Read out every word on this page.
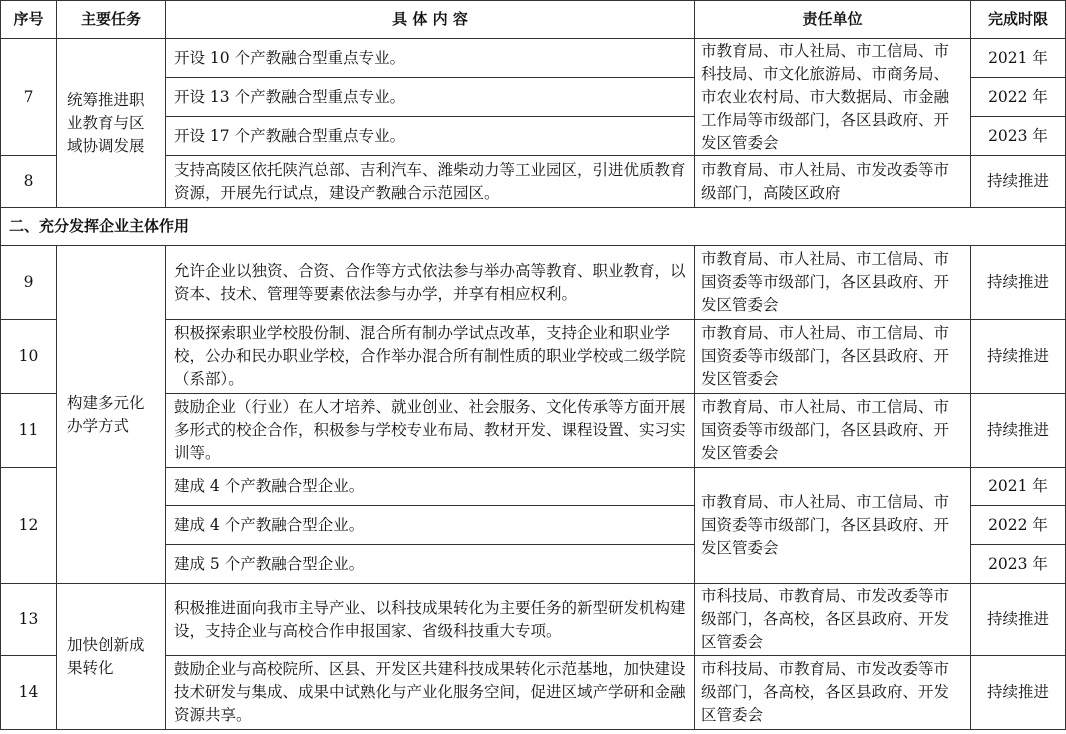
序号	主要任务	具 体 内 容	责任单位	完成时限
7	统筹推进职业教育与区域协调发展	开设 10 个产教融合型重点专业。	市教育局、市人社局、市工信局、市科技局、市文化旅游局、市商务局、市农业农村局、市大数据局、市金融工作局等市级部门，各区县政府、开发区管委会	2021 年
		开设 13 个产教融合型重点专业。		2022 年
		开设 17 个产教融合型重点专业。		2023 年
8		支持高陵区依托陕汽总部、吉利汽车、潍柴动力等工业园区，引进优质教育资源，开展先行试点，建设产教融合示范园区。	市教育局、市人社局、市发改委等市级部门，高陵区政府	持续推进
二、充分发挥企业主体作用				
9	构建多元化办学方式	允许企业以独资、合资、合作等方式依法参与举办高等教育、职业教育，以资本、技术、管理等要素依法参与办学，并享有相应权利。	市教育局、市人社局、市工信局、市国资委等市级部门，各区县政府、开发区管委会	持续推进
10		积极探索职业学校股份制、混合所有制办学试点改革，支持企业和职业学校，公办和民办职业学校，合作举办混合所有制性质的职业学校或二级学院（系部）。	市教育局、市人社局、市工信局、市国资委等市级部门，各区县政府、开发区管委会	持续推进
11		鼓励企业（行业）在人才培养、就业创业、社会服务、文化传承等方面开展多形式的校企合作，积极参与学校专业布局、教材开发、课程设置、实习实训等。	市教育局、市人社局、市工信局、市国资委等市级部门，各区县政府、开发区管委会	持续推进
12		建成 4 个产教融合型企业。	市教育局、市人社局、市工信局、市国资委等市级部门，各区县政府、开发区管委会	2021 年
		建成 4 个产教融合型企业。		2022 年
		建成 5 个产教融合型企业。		2023 年
13	加快创新成果转化	积极推进面向我市主导产业、以科技成果转化为主要任务的新型研发机构建设，支持企业与高校合作申报国家、省级科技重大专项。	市科技局、市教育局、市发改委等市级部门，各高校，各区县政府、开发区管委会	持续推进
14		鼓励企业与高校院所、区县、开发区共建科技成果转化示范基地，加快建设技术研发与集成、成果中试熟化与产业化服务空间，促进区域产学研和金融资源共享。	市科技局、市教育局、市发改委等市级部门，各高校，各区县政府、开发区管委会	持续推进
